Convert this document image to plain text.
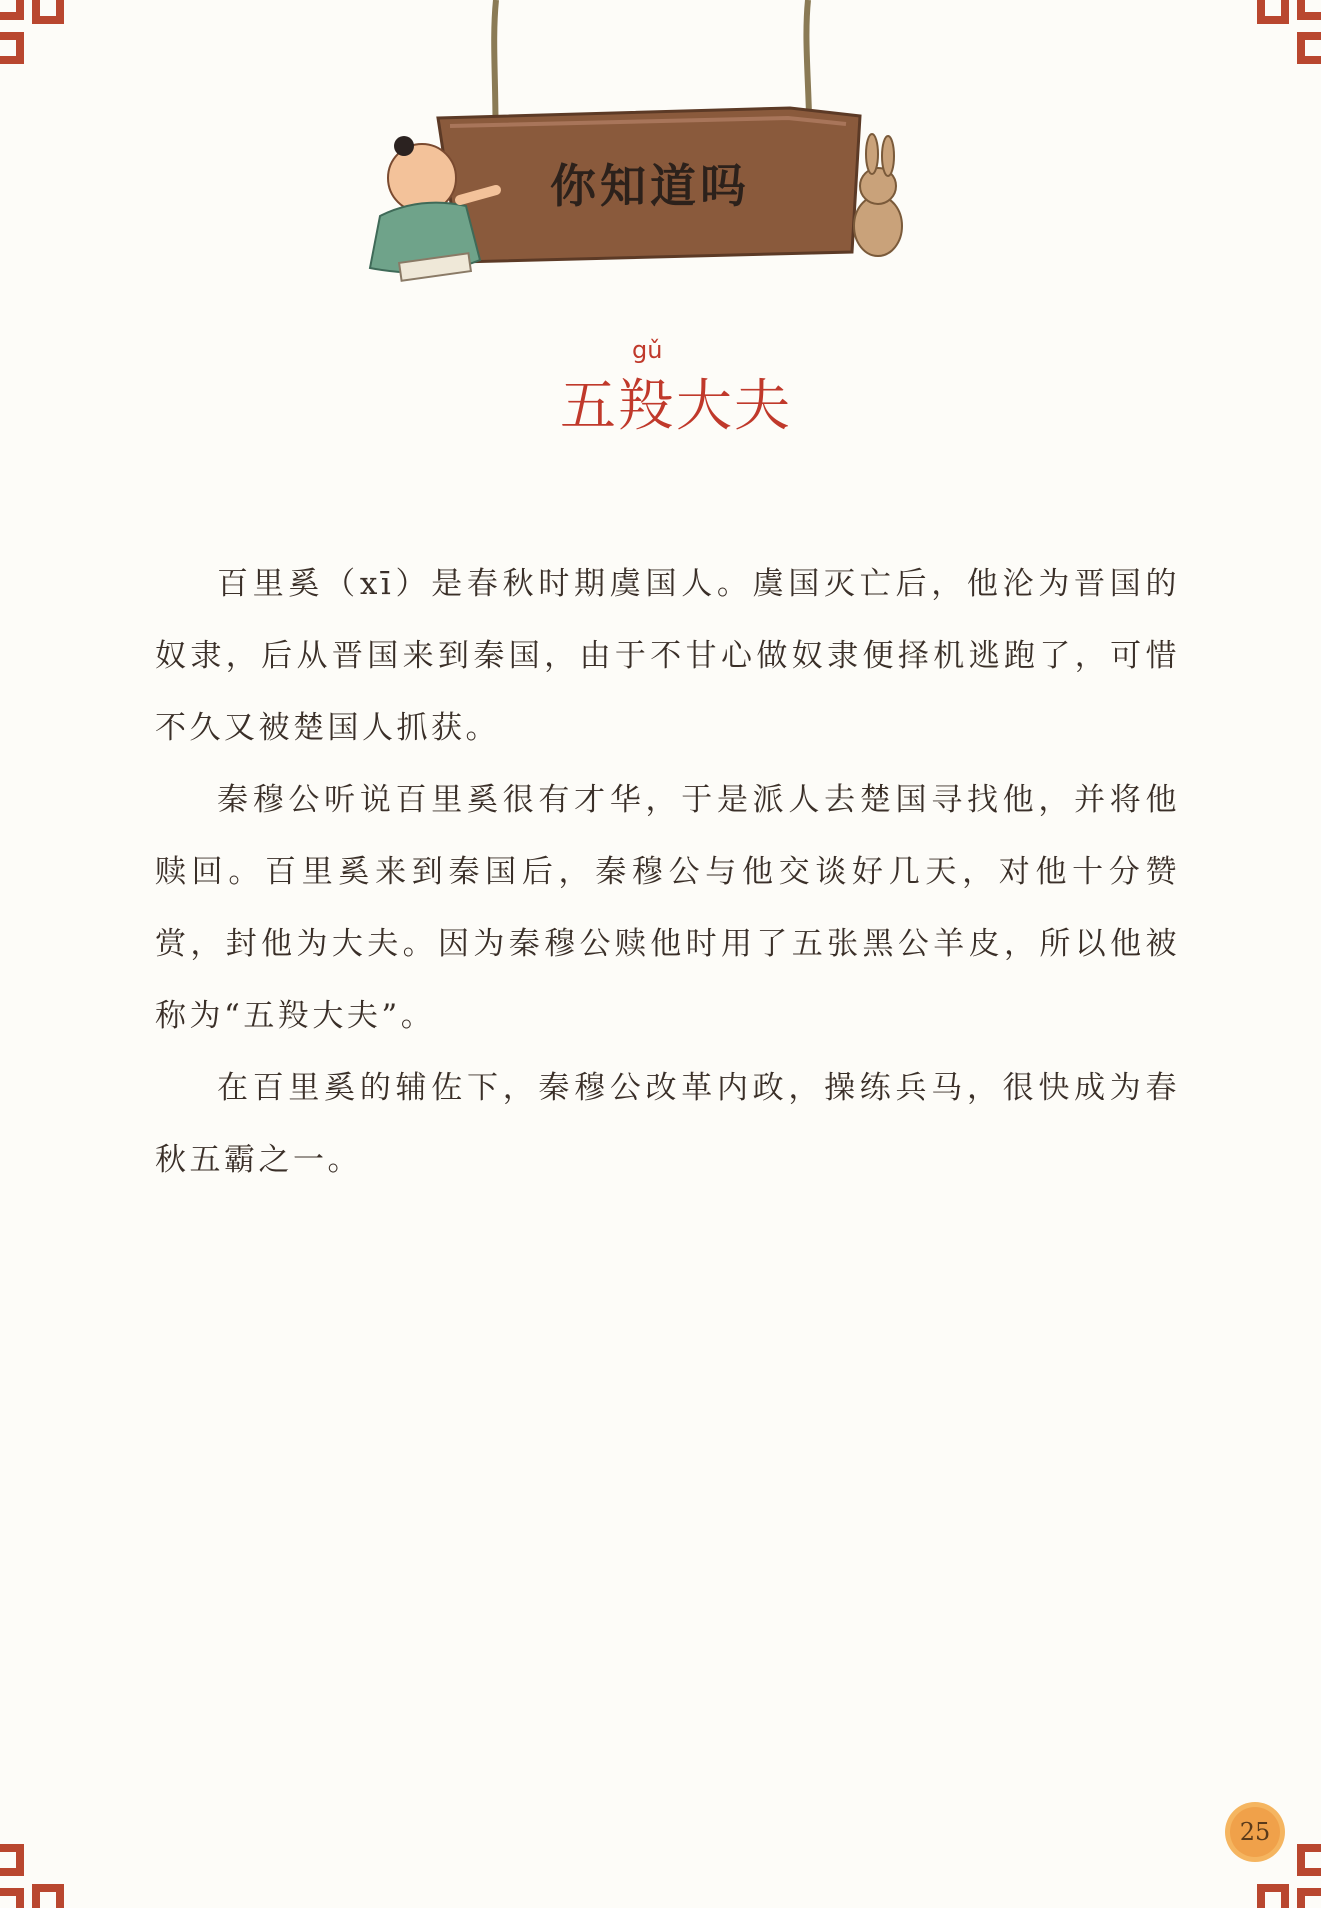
你知道吗
gǔ
五羖大夫

百里奚（xī）是春秋时期虞国人。虞国灭亡后，他沦为晋国的奴隶，后从晋国来到秦国，由于不甘心做奴隶便择机逃跑了，可惜不久又被楚国人抓获。

秦穆公听说百里奚很有才华，于是派人去楚国寻找他，并将他赎回。百里奚来到秦国后，秦穆公与他交谈好几天，对他十分赞赏，封他为大夫。因为秦穆公赎他时用了五张黑公羊皮，所以他被称为“五羖大夫”。

在百里奚的辅佐下，秦穆公改革内政，操练兵马，很快成为春秋五霸之一。

25
